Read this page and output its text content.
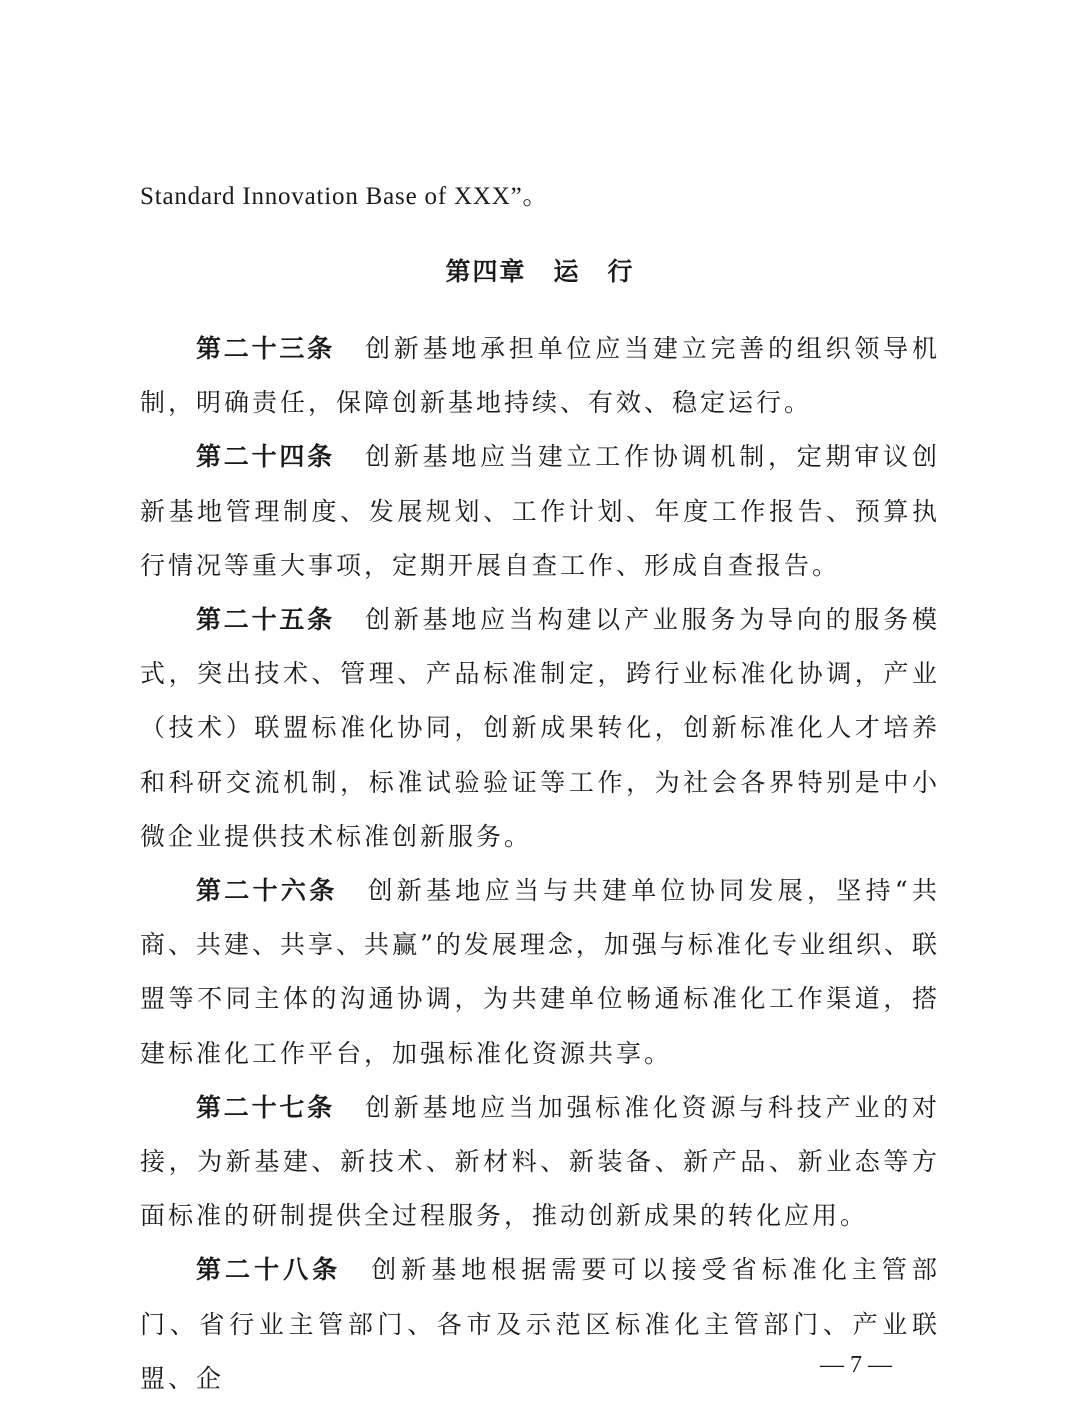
Standard Innovation Base of XXX”。
第四章　运　行

第二十三条 创新基地承担单位应当建立完善的组织领导机制，明确责任，保障创新基地持续、有效、稳定运行。

第二十四条 创新基地应当建立工作协调机制，定期审议创新基地管理制度、发展规划、工作计划、年度工作报告、预算执行情况等重大事项，定期开展自查工作、形成自查报告。

第二十五条 创新基地应当构建以产业服务为导向的服务模式，突出技术、管理、产品标准制定，跨行业标准化协调，产业（技术）联盟标准化协同，创新成果转化，创新标准化人才培养和科研交流机制，标准试验验证等工作，为社会各界特别是中小微企业提供技术标准创新服务。

第二十六条 创新基地应当与共建单位协同发展，坚持“共商、共建、共享、共赢”的发展理念，加强与标准化专业组织、联盟等不同主体的沟通协调，为共建单位畅通标准化工作渠道，搭建标准化工作平台，加强标准化资源共享。

第二十七条 创新基地应当加强标准化资源与科技产业的对接，为新基建、新技术、新材料、新装备、新产品、新业态等方面标准的研制提供全过程服务，推动创新成果的转化应用。

第二十八条 创新基地根据需要可以接受省标准化主管部门、省行业主管部门、各市及示范区标准化主管部门、产业联盟、企	— 7 —
